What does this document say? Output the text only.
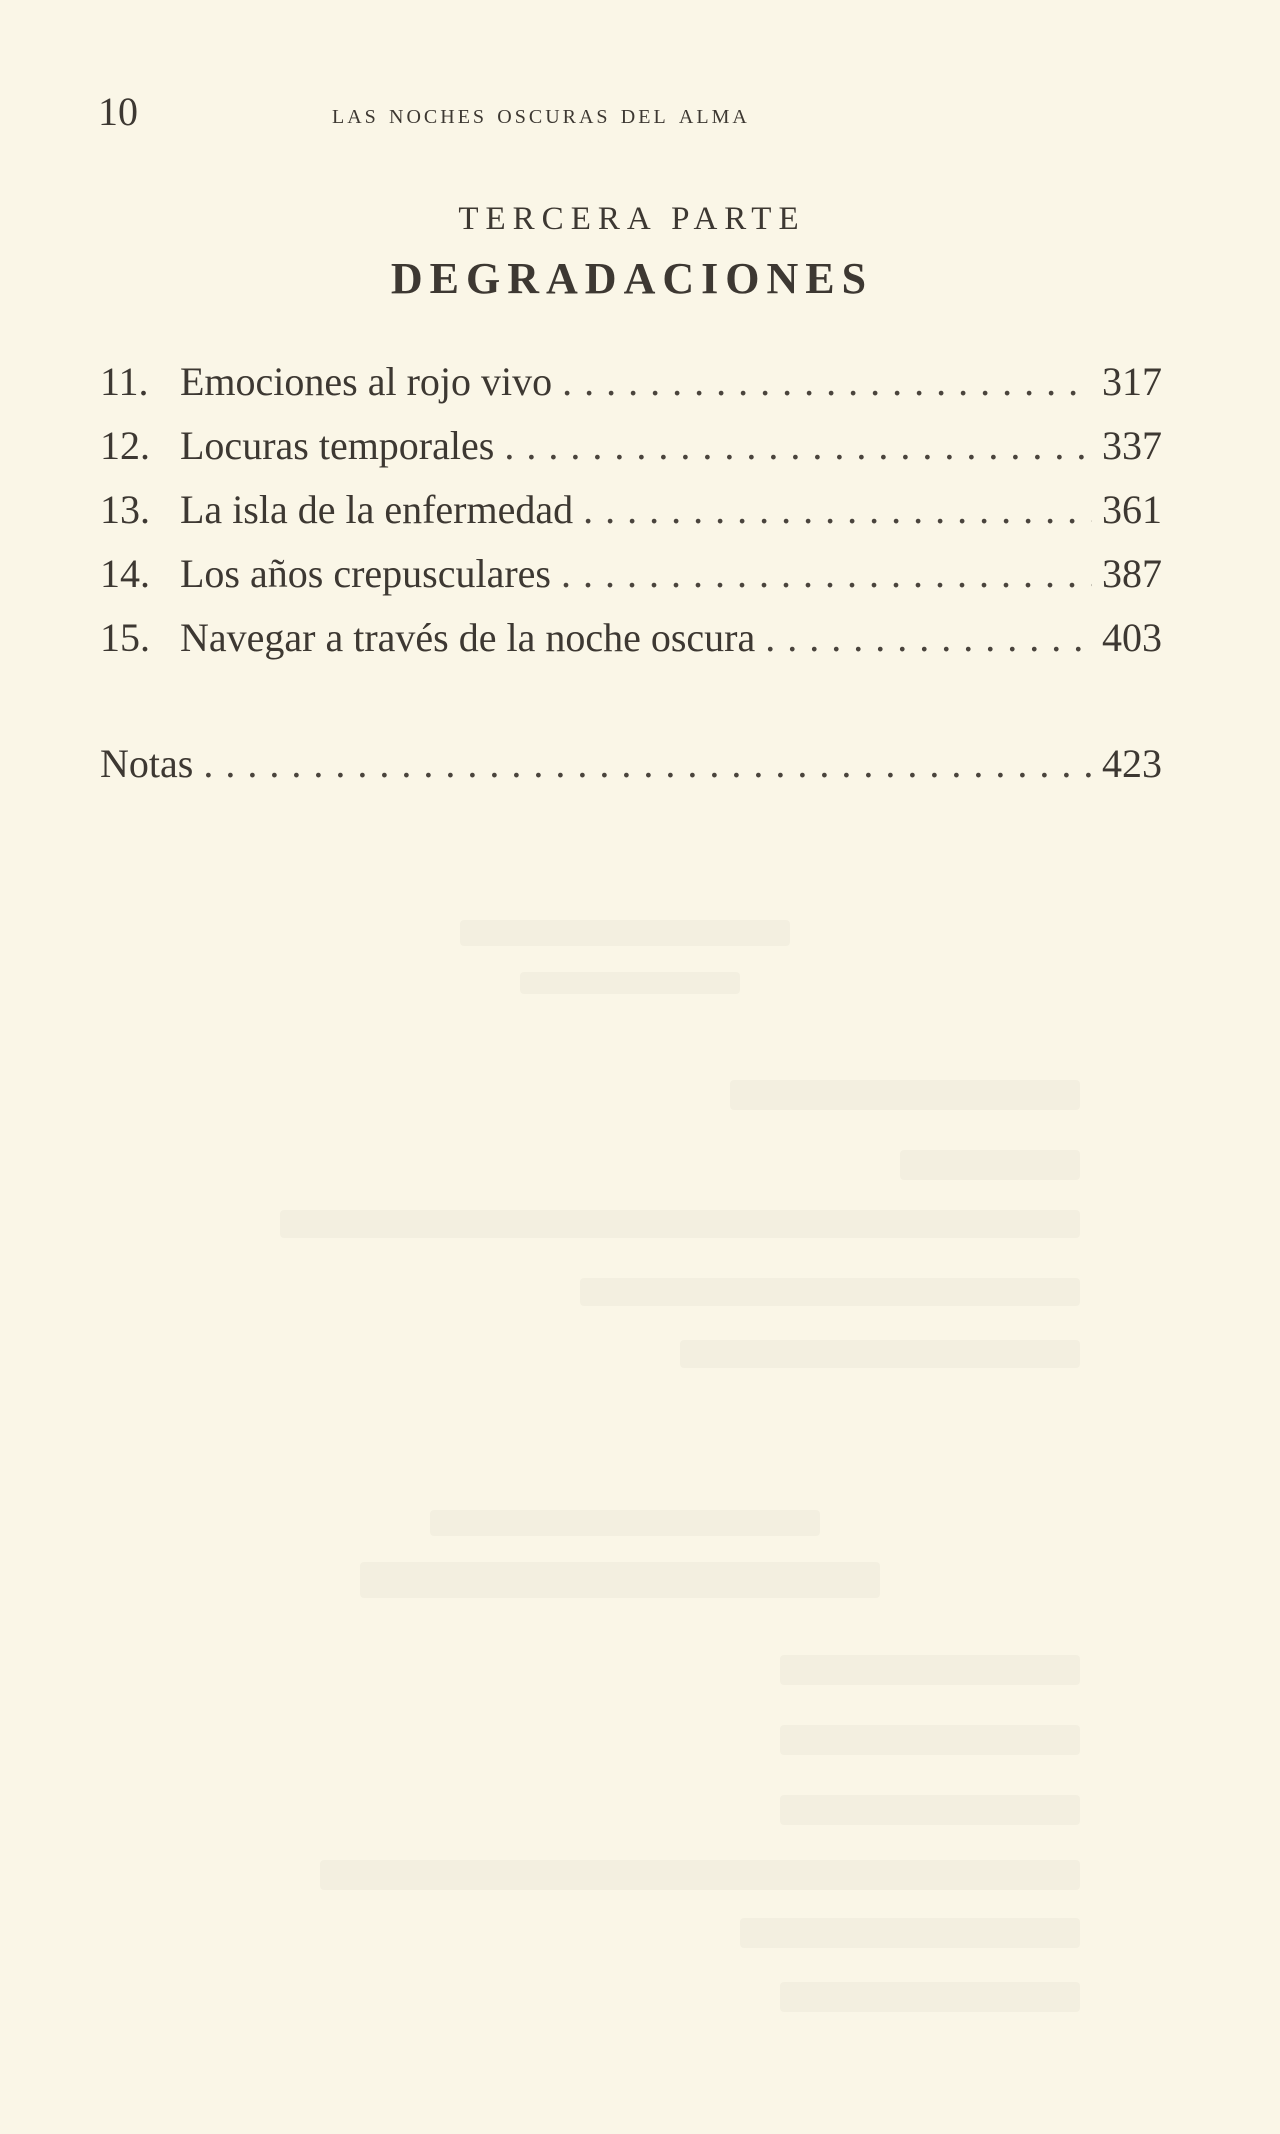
10	las noches oscuras del alma
TERCERA PARTE
DEGRADACIONES
11. Emociones al rojo vivo . . .	317
12. Locuras temporales . . .	337
13. La isla de la enfermedad . . .	361
14. Los años crepusculares . . .	387
15. Navegar a través de la noche oscura . . .	403
Notas . . .	423
